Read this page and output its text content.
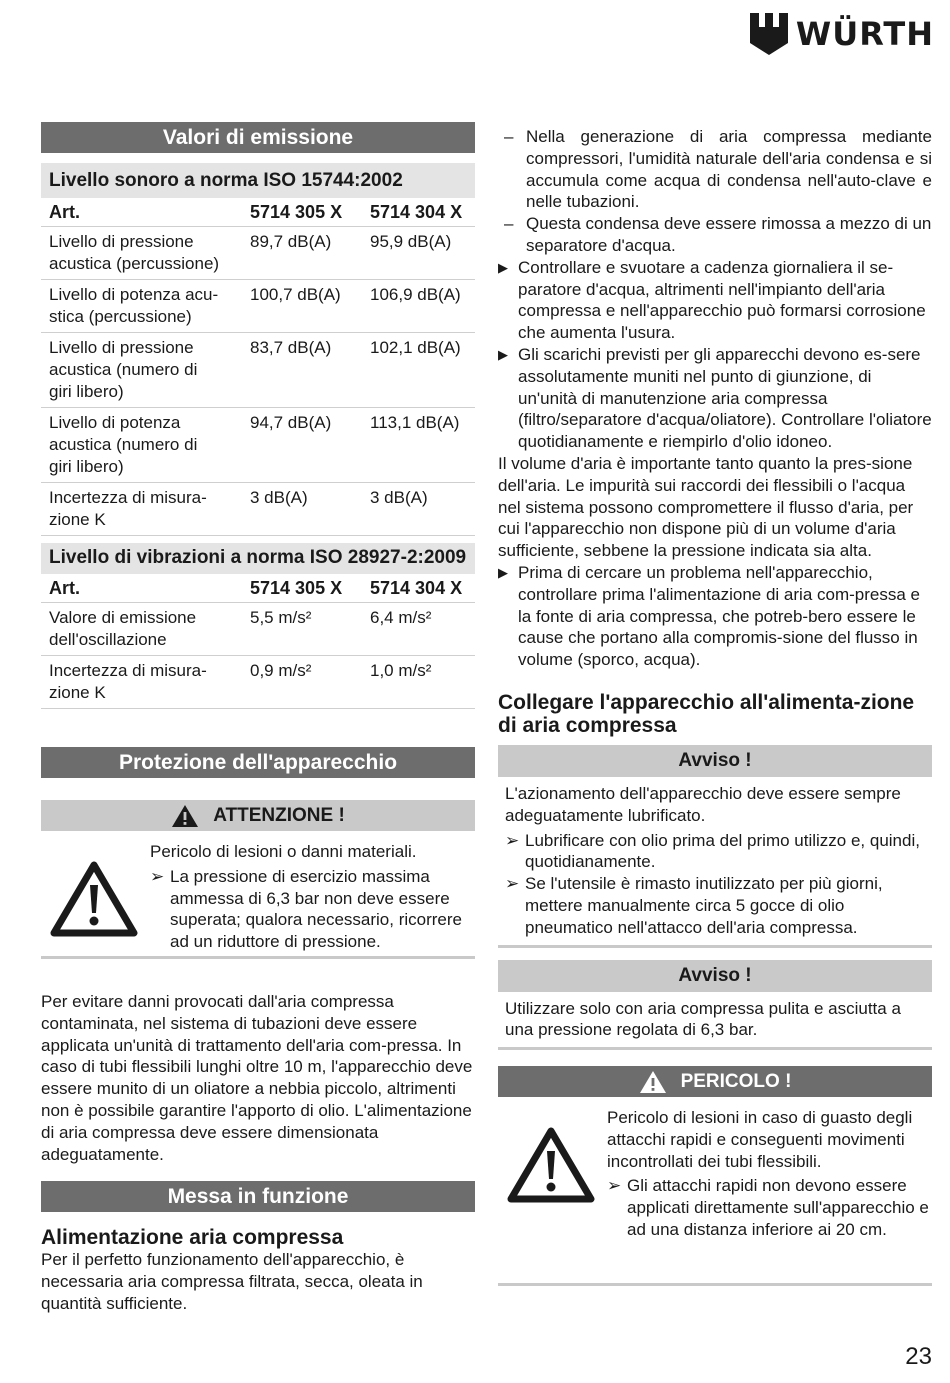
WÜRTH
Valori di emissione
Livello sonoro a norma ISO 15744:2002
Art.	5714 305 X	5714 304 X
Livello di pressione acustica (percussione)	89,7 dB(A)	95,9 dB(A)
Livello di potenza acu-stica (percussione)	100,7 dB(A)	106,9 dB(A)
Livello di pressione acustica (numero di giri libero)	83,7 dB(A)	102,1 dB(A)
Livello di potenza acustica (numero di giri libero)	94,7 dB(A)	113,1 dB(A)
Incertezza di misura-zione K	3 dB(A)	3 dB(A)
Livello di vibrazioni a norma ISO 28927-2:2009
Art.	5714 305 X	5714 304 X
Valore di emissione dell'oscillazione	5,5 m/s²	6,4 m/s²
Incertezza di misura-zione K	0,9 m/s²	1,0 m/s²
Protezione dell'apparecchio
ATTENZIONE !

Pericolo di lesioni o danni materiali.

➢ La pressione di esercizio massima ammessa di 6,3 bar non deve essere superata; qualora necessario, ricorrere ad un riduttore di pressione.

Per evitare danni provocati dall'aria compressa contaminata, nel sistema di tubazioni deve essere applicata un'unità di trattamento dell'aria com-pressa. In caso di tubi flessibili lunghi oltre 10 m, l'apparecchio deve essere munito di un oliatore a nebbia piccolo, altrimenti non è possibile garantire l'apporto di olio. L'alimentazione di aria compressa deve essere dimensionata adeguatamente.

Messa in funzione

Alimentazione aria compressa

Per il perfetto funzionamento dell'apparecchio, è necessaria aria compressa filtrata, secca, oleata in quantità sufficiente.

– Nella generazione di aria compressa mediante compressori, l'umidità naturale dell'aria condensa e si accumula come acqua di condensa nell'auto-clave e nelle tubazioni.
– Questa condensa deve essere rimossa a mezzo di un separatore d'acqua.
▶ Controllare e svuotare a cadenza giornaliera il se-paratore d'acqua, altrimenti nell'impianto dell'aria compressa e nell'apparecchio può formarsi corrosione che aumenta l'usura.
▶ Gli scarichi previsti per gli apparecchi devono es-sere assolutamente muniti nel punto di giunzione, di un'unità di manutenzione aria compressa (filtro/separatore d'acqua/oliatore). Controllare l'oliatore quotidianamente e riempirlo d'olio idoneo.

Il volume d'aria è importante tanto quanto la pres-sione dell'aria. Le impurità sui raccordi dei flessibili o l'acqua nel sistema possono compromettere il flusso d'aria, per cui l'apparecchio non dispone più di un volume d'aria sufficiente, sebbene la pressione indicata sia alta.

▶ Prima di cercare un problema nell'apparecchio, controllare prima l'alimentazione di aria com-pressa e la fonte di aria compressa, che potreb-bero essere le cause che portano alla compromis-sione del flusso in volume (sporco, acqua).

Collegare l'apparecchio all'alimenta-zione di aria compressa

Avviso !

L'azionamento dell'apparecchio deve essere sempre adeguatamente lubrificato.

➢ Lubrificare con olio prima del primo utilizzo e, quindi, quotidianamente.
➢ Se l'utensile è rimasto inutilizzato per più giorni, mettere manualmente circa 5 gocce di olio pneumatico nell'attacco dell'aria compressa.
Avviso !

Utilizzare solo con aria compressa pulita e asciutta a una pressione regolata di 6,3 bar.

PERICOLO !

Pericolo di lesioni in caso di guasto degli attacchi rapidi e conseguenti movimenti incontrollati dei tubi flessibili.

➢ Gli attacchi rapidi non devono essere applicati direttamente sull'apparecchio e ad una distanza inferiore ai 20 cm.
23
